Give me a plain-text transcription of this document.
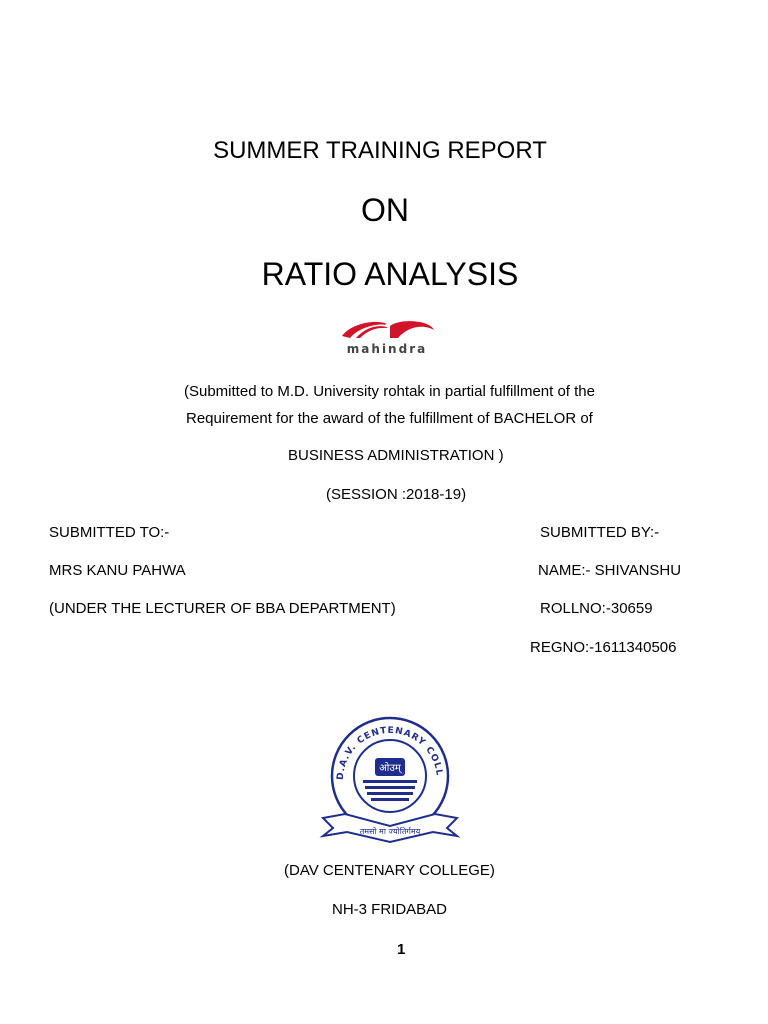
SUMMER TRAINING REPORT
ON
RATIO ANALYSIS
mahindra
(Submitted to M.D. University rohtak in partial fulfillment of the
Requirement for the award of the fulfillment of BACHELOR of
BUSINESS ADMINISTRATION )
(SESSION :2018-19)
SUBMITTED TO:-	SUBMITTED BY:-
MRS KANU PAHWA	NAME:- SHIVANSHU
(UNDER THE LECTURER OF BBA DEPARTMENT)	ROLLNO:-30659
REGNO:-1611340506
D.A.V. CENTENARY COLL
ओउम्
तमसो मा ज्योतिर्गमय
(DAV CENTENARY COLLEGE)
NH-3 FRIDABAD
1
